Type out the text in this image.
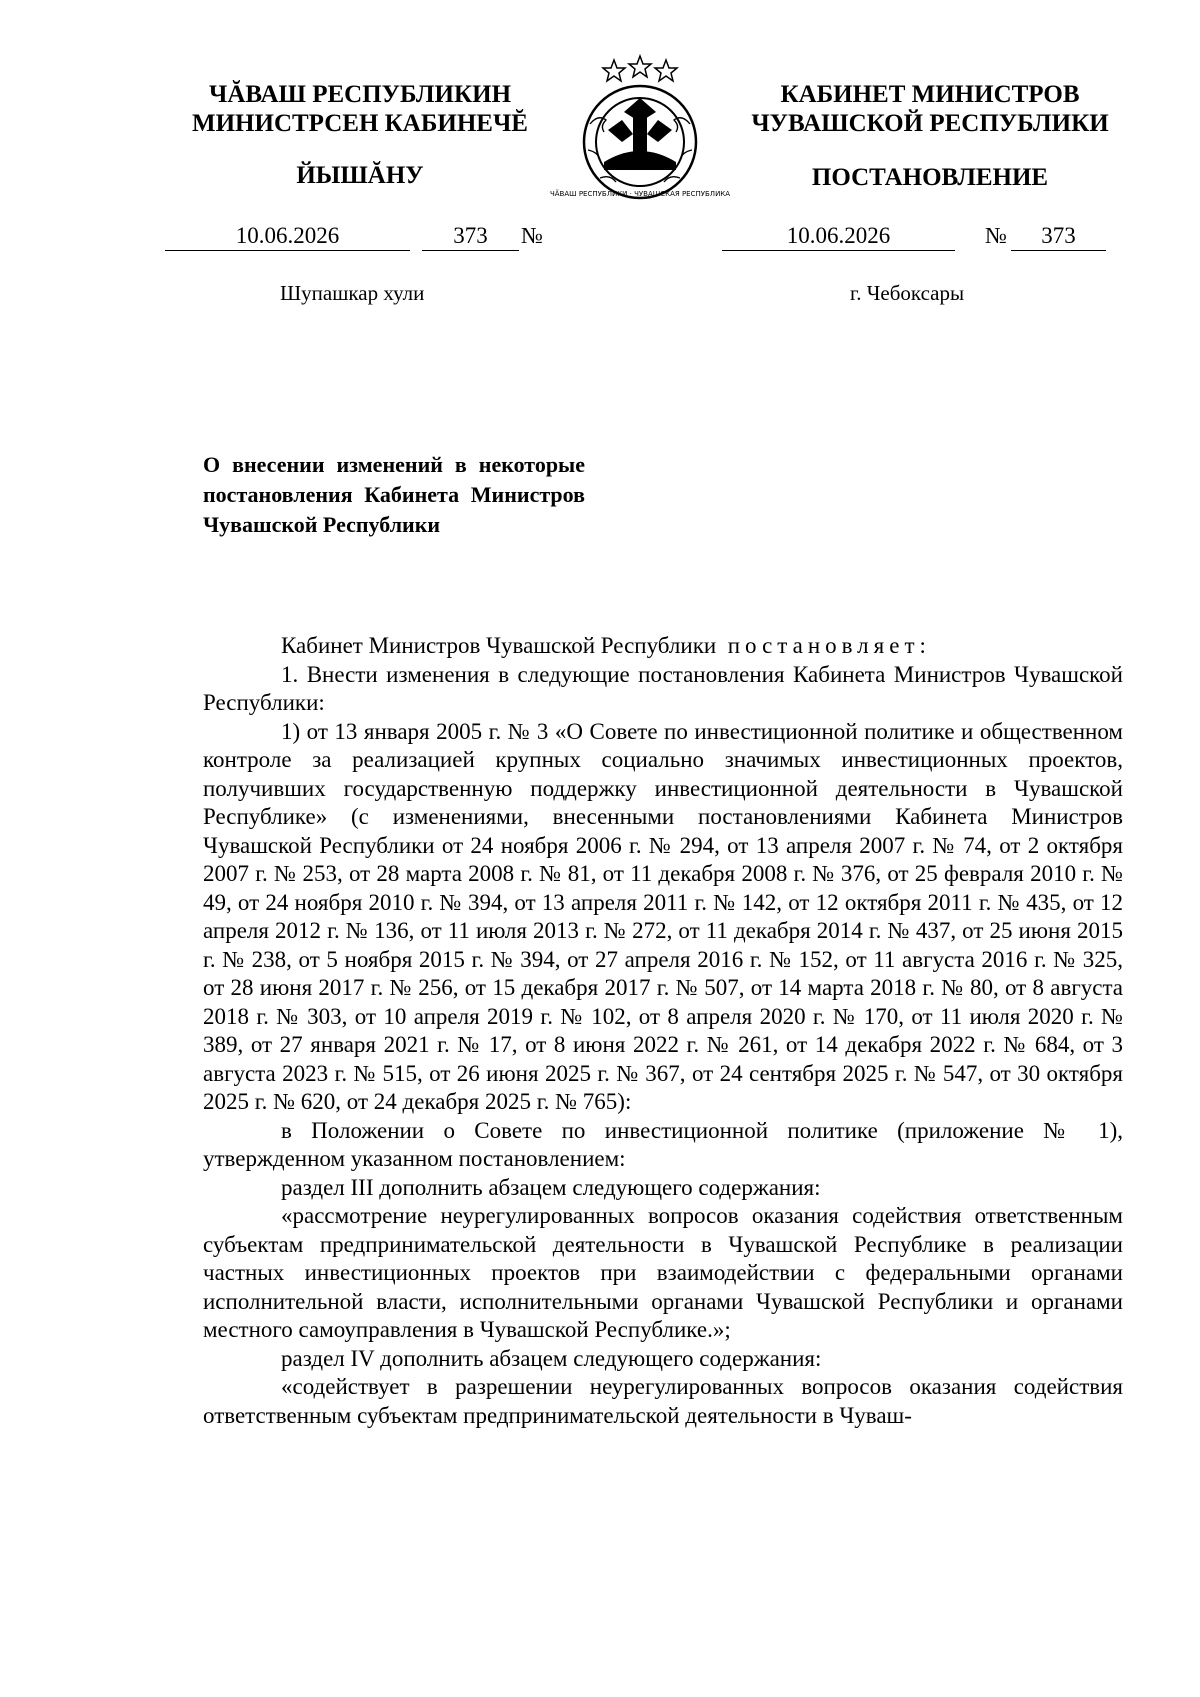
ЧĂВАШ РЕСПУБЛИКИН
МИНИСТРСЕН КАБИНЕЧĔ
ЙЫШĂНУ
ЧĂВАШ РЕСПУБЛИКИ · ЧУВАШСКАЯ РЕСПУБЛИКА
КАБИНЕТ МИНИСТРОВ
ЧУВАШСКОЙ РЕСПУБЛИКИ
ПОСТАНОВЛЕНИЕ
10.06.2026	373	№	10.06.2026	№	373
Шупашкар хули	г. Чебоксары
О внесении изменений в некоторые постановления Кабинета Министров Чувашской Республики

Кабинет Министров Чувашской Республики постановляет:

1. Внести изменения в следующие постановления Кабинета Министров Чувашской Республики:

1) от 13 января 2005 г. № 3 «О Совете по инвестиционной политике и общественном контроле за реализацией крупных социально значимых инвестиционных проектов, получивших государственную поддержку инвестиционной деятельности в Чувашской Республике» (с изменениями, внесенными постановлениями Кабинета Министров Чувашской Республики от 24 ноября 2006 г. № 294, от 13 апреля 2007 г. № 74, от 2 октября 2007 г. № 253, от 28 марта 2008 г. № 81, от 11 декабря 2008 г. № 376, от 25 февраля 2010 г. № 49, от 24 ноября 2010 г. № 394, от 13 апреля 2011 г. № 142, от 12 октября 2011 г. № 435, от 12 апреля 2012 г. № 136, от 11 июля 2013 г. № 272, от 11 декабря 2014 г. № 437, от 25 июня 2015 г. № 238, от 5 ноября 2015 г. № 394, от 27 апреля 2016 г. № 152, от 11 августа 2016 г. № 325, от 28 июня 2017 г. № 256, от 15 декабря 2017 г. № 507, от 14 марта 2018 г. № 80, от 8 августа 2018 г. № 303, от 10 апреля 2019 г. № 102, от 8 апреля 2020 г. № 170, от 11 июля 2020 г. № 389, от 27 января 2021 г. № 17, от 8 июня 2022 г. № 261, от 14 декабря 2022 г. № 684, от 3 августа 2023 г. № 515, от 26 июня 2025 г. № 367, от 24 сентября 2025 г. № 547, от 30 октября 2025 г. № 620, от 24 декабря 2025 г. № 765):

в Положении о Совете по инвестиционной политике (приложение № 1), утвержденном указанном постановлением:

раздел III дополнить абзацем следующего содержания:

«рассмотрение неурегулированных вопросов оказания содействия ответственным субъектам предпринимательской деятельности в Чувашской Республике в реализации частных инвестиционных проектов при взаимодействии с федеральными органами исполнительной власти, исполнительными органами Чувашской Республики и органами местного самоуправления в Чувашской Республике.»;

раздел IV дополнить абзацем следующего содержания:

«содействует в разрешении неурегулированных вопросов оказания содействия ответственным субъектам предпринимательской деятельности в Чуваш-
